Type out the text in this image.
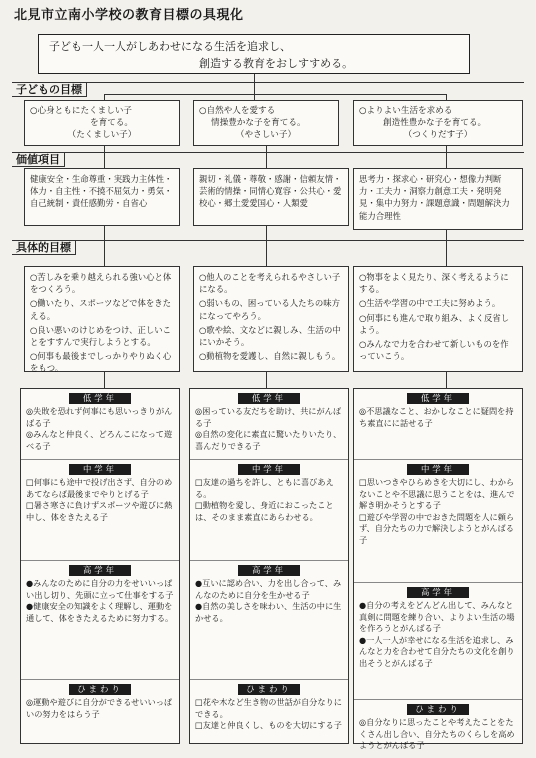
北見市立南小学校の教育目標の具現化
子ども一人一人がしあわせになる生活を追求し、
創造する教育をおしすすめる。
子どもの目標
○心身ともにたくましい子
を育てる。
（たくましい子）
○自然や人を愛する
情操豊かな子を育てる。
（やさしい子）
○よりよい生活を求める
創造性豊かな子を育てる。
（つくりだす子）
価値項目
健康安全・生命尊重・実践力主体性・体力・自主性・不撓不屈気力・勇気・自己統制・責任感勤労・自省心
親切・礼儀・尊敬・感謝・信頼友情・芸術的情操・同情心寛容・公共心・愛校心・郷土愛愛国心・人類愛
思考力・探求心・研究心・想像力判断力・工夫力・洞察力創意工夫・発明発見・集中力努力・課題意識・問題解決力能力合理性
具体的目標
○苦しみを乗り越えられる強い心と体をつくろう。
○働いたり、スポーツなどで体をきたえる。
○良い悪いのけじめをつけ、正しいことをすすんで実行しようとする。
○何事も最後までしっかりやりぬく心をもつ。
○他人のことを考えられるやさしい子になる。
○弱いもの、困っている人たちの味方になってやろう。
○歌や絵、文などに親しみ、生活の中にいかそう。
○動植物を愛護し、自然に親しもう。
○物事をよく見たり、深く考えるようにする。
○生活や学習の中で工夫に努めよう。
○何事にも進んで取り組み、よく反省しよう。
○みんなで力を合わせて新しいものを作っていこう。
低学年
◎失敗を恐れず何事にも思いっきりがんばる子
◎みんなと仲良く、どろんこになって遊べる子
中学年
□何事にも途中で投げ出さず、自分のめあてならば最後までやりとげる子
□暑さ寒さに負けずスポーツや遊びに熱中し、体をきたえる子
高学年
●みんなのために自分の力をせいいっぱい出し切り、先頭に立って仕事をする子
●健康安全の知識をよく理解し、運動を通して、体をきたえるために努力する。
ひまわり
◎運動や遊びに自分ができるせいいっぱいの努力をはらう子
低学年
◎困っている友だちを助け、共にがんばる子
◎自然の変化に素直に驚いたりいたり、喜んだりできる子
中学年
□友達の過ちを許し、ともに喜びあえる。
□動植物を愛し、身近におこったことは、そのまま素直にあらわせる。
高学年
●互いに認め合い、力を出し合って、みんなのために自分を生かせる子
●自然の美しさを味わい、生活の中に生かせる。
ひまわり
□花や木など生き物の世話が自分なりにできる。
□友達と仲良くし、ものを大切にする子
低学年
◎不思議なこと、おかしなことに疑問を持ち素直にに話せる子
中学年
□思いつきやひらめきを大切にし、わからないことや不思議に思うことをは、進んで解き明かそうとする子
□遊びや学習の中でおきた問題を人に頼らず、自分たちの力で解決しようとがんばる子
高学年
●自分の考えをどんどん出して、みんなと真剣に問題を練り合い、よりよい生活の場を作ろうとがんばる子
●一人一人が幸せになる生活を追求し、みんなと力を合わせて自分たちの文化を創り出そうとがんばる子
ひまわり
◎自分なりに思ったことや考えたことをたくさん出し合い、自分たちのくらしを高めようとがんばる子
